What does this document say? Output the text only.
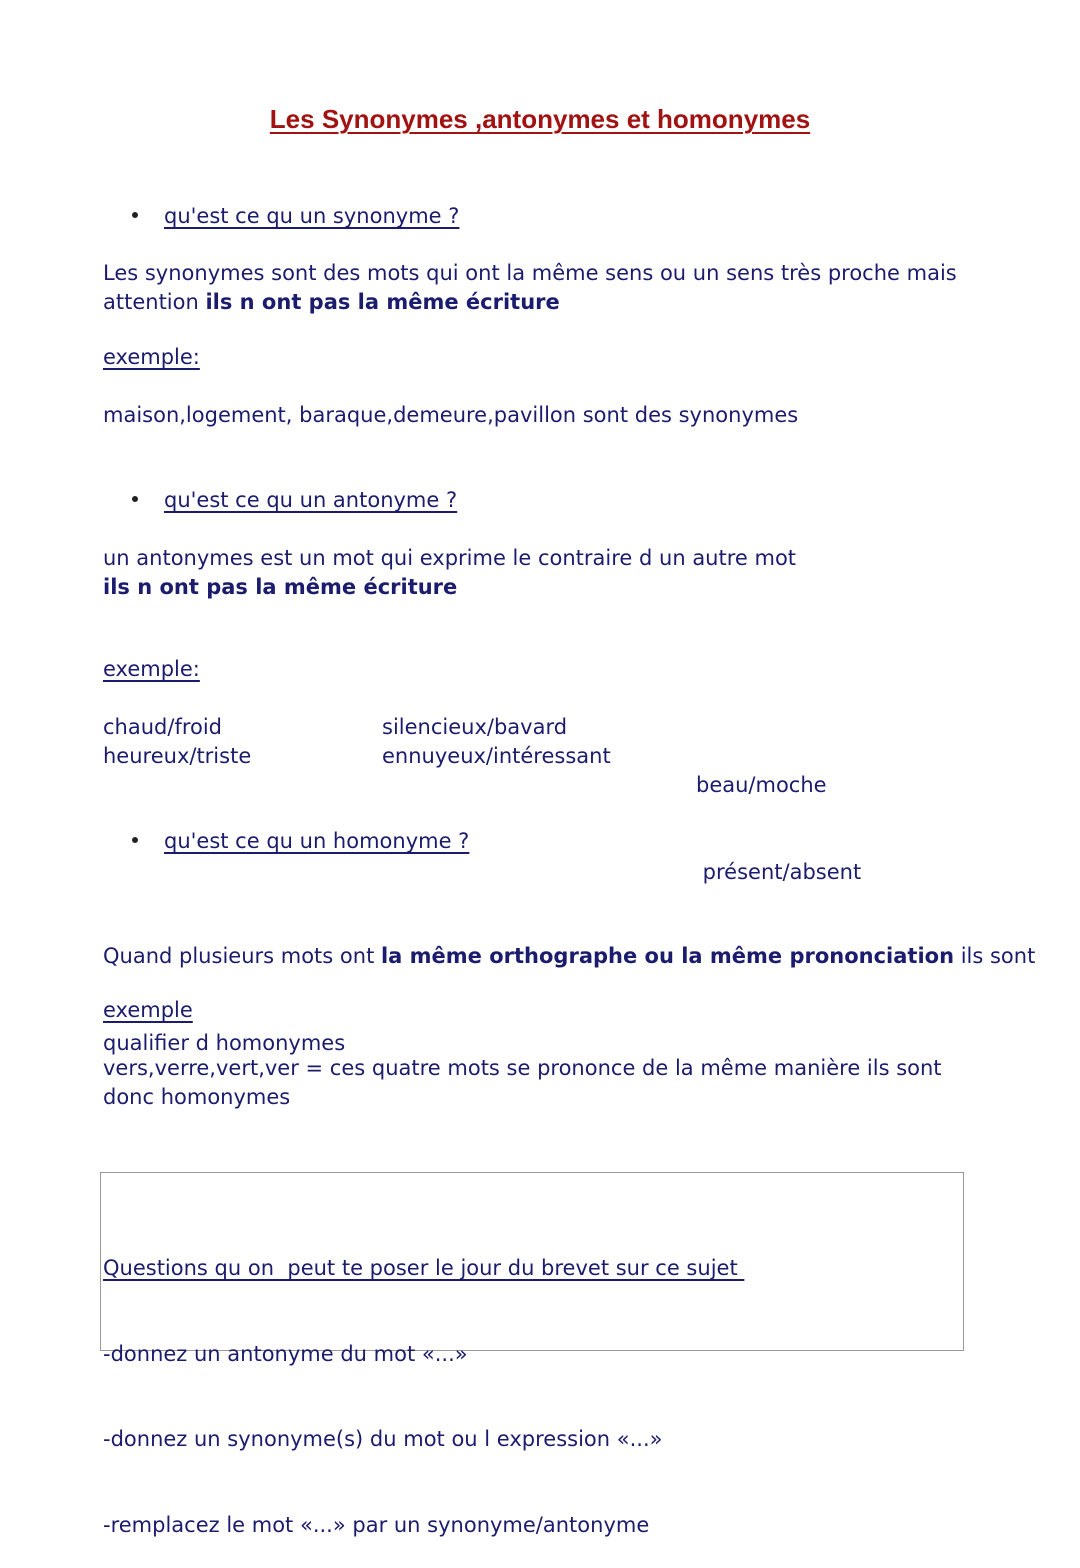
Les Synonymes ,antonymes et homonymes
qu'est ce qu un synonyme ?
Les synonymes sont des mots qui ont la même sens ou un sens très proche mais
attention ils n ont pas la même écriture
exemple:
maison,logement, baraque,demeure,pavillon sont des synonymes
qu'est ce qu un antonyme ?
un antonymes est un mot qui exprime le contraire d un autre mot
ils n ont pas la même écriture
exemple:
chaud/froid
heureux/triste
silencieux/bavard
ennuyeux/intéressant

beau/moche

présent/absent

qu'est ce qu un homonyme ?

Quand plusieurs mots ont la même orthographe ou la même prononciation ils sont

qualifier d homonymes

exemple
vers,verre,vert,ver = ces quatre mots se prononce de la même manière ils sont
donc homonymes

Questions qu on  peut te poser le jour du brevet sur ce sujet

-donnez un antonyme du mot «...»

-donnez un synonyme(s) du mot ou l expression «...»

-remplacez le mot «...» par un synonyme/antonyme
